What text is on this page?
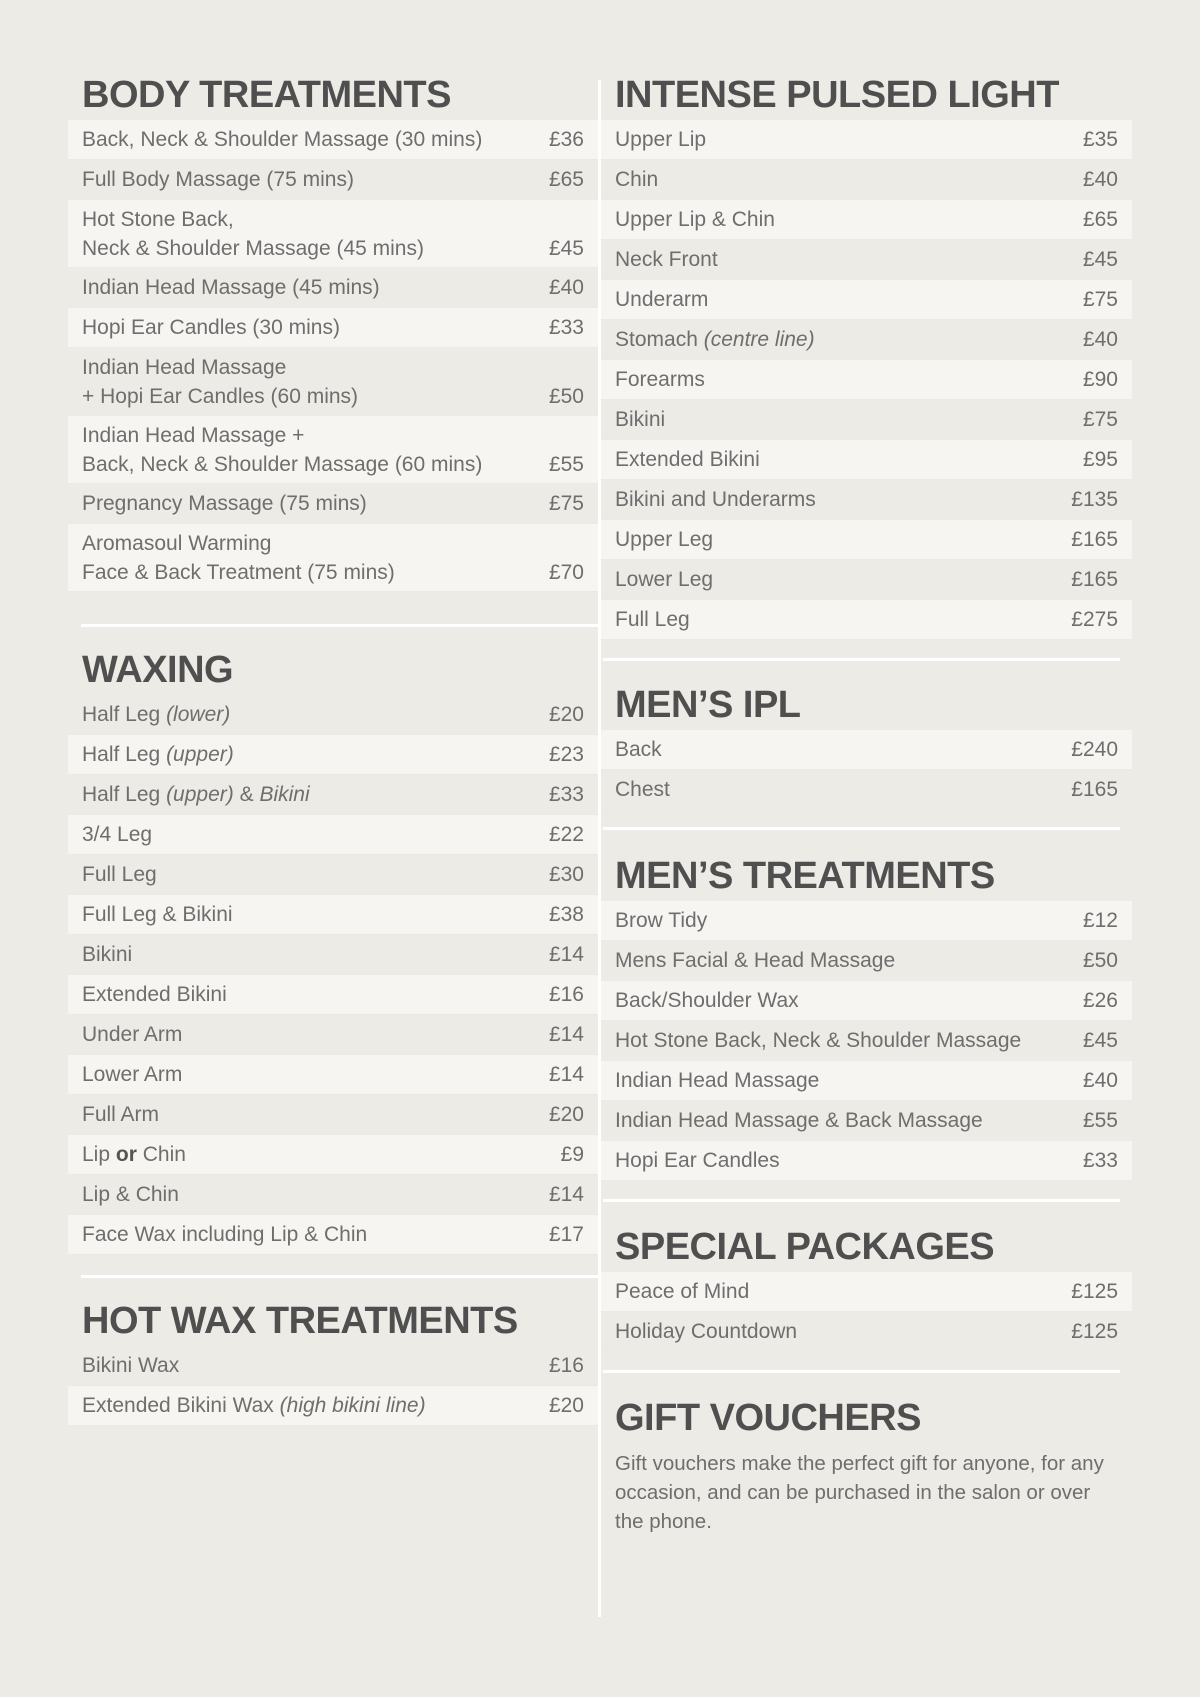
BODY TREATMENTS
Back, Neck & Shoulder Massage (30 mins)	£36
Full Body Massage (75 mins)	£65
Hot Stone Back,
Neck & Shoulder Massage (45 mins)	£45
Indian Head Massage (45 mins)	£40
Hopi Ear Candles (30 mins)	£33
Indian Head Massage
+ Hopi Ear Candles (60 mins)	£50
Indian Head Massage +
Back, Neck & Shoulder Massage (60 mins)	£55
Pregnancy Massage (75 mins)	£75
Aromasoul Warming
Face & Back Treatment (75 mins)	£70
WAXING
Half Leg (lower)	£20
Half Leg (upper)	£23
Half Leg (upper) & Bikini	£33
3/4 Leg	£22
Full Leg	£30
Full Leg & Bikini	£38
Bikini	£14
Extended Bikini	£16
Under Arm	£14
Lower Arm	£14
Full Arm	£20
Lip or Chin	£9
Lip & Chin	£14
Face Wax including Lip & Chin	£17
HOT WAX TREATMENTS
Bikini Wax	£16
Extended Bikini Wax (high bikini line)	£20
INTENSE PULSED LIGHT
Upper Lip	£35
Chin	£40
Upper Lip & Chin	£65
Neck Front	£45
Underarm	£75
Stomach (centre line)	£40
Forearms	£90
Bikini	£75
Extended Bikini	£95
Bikini and Underarms	£135
Upper Leg	£165
Lower Leg	£165
Full Leg	£275
MEN’S IPL
Back	£240
Chest	£165
MEN’S TREATMENTS
Brow Tidy	£12
Mens Facial & Head Massage	£50
Back/Shoulder Wax	£26
Hot Stone Back, Neck & Shoulder Massage	£45
Indian Head Massage	£40
Indian Head Massage & Back Massage	£55
Hopi Ear Candles	£33
SPECIAL PACKAGES
Peace of Mind	£125
Holiday Countdown	£125
GIFT VOUCHERS

Gift vouchers make the perfect gift for anyone, for any
occasion, and can be purchased in the salon or over
the phone.
